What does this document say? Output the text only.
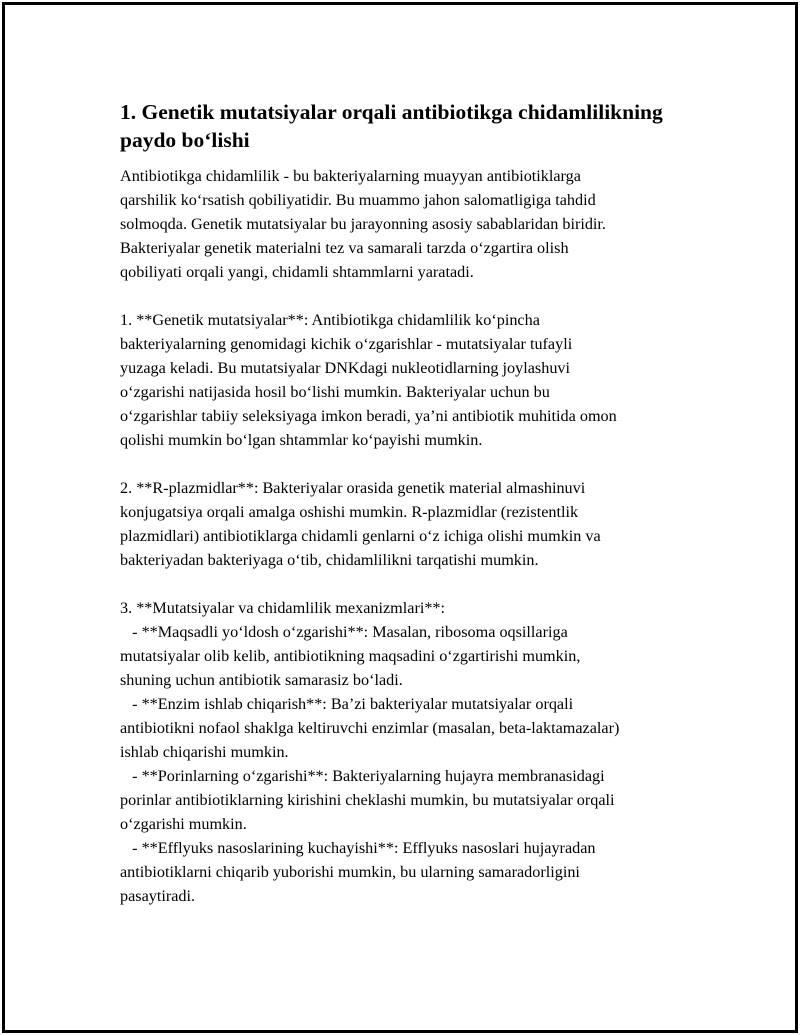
1. Genetik mutatsiyalar orqali antibiotikga chidamlilikning
paydo bo‘lishi
Antibiotikga chidamlilik - bu bakteriyalarning muayyan antibiotiklarga
qarshilik ko‘rsatish qobiliyatidir. Bu muammo jahon salomatligiga tahdid
solmoqda. Genetik mutatsiyalar bu jarayonning asosiy sabablaridan biridir.
Bakteriyalar genetik materialni tez va samarali tarzda o‘zgartira olish
qobiliyati orqali yangi, chidamli shtammlarni yaratadi.
1. **Genetik mutatsiyalar**: Antibiotikga chidamlilik ko‘pincha
bakteriyalarning genomidagi kichik o‘zgarishlar - mutatsiyalar tufayli
yuzaga keladi. Bu mutatsiyalar DNKdagi nukleotidlarning joylashuvi
o‘zgarishi natijasida hosil bo‘lishi mumkin. Bakteriyalar uchun bu
o‘zgarishlar tabiiy seleksiyaga imkon beradi, ya’ni antibiotik muhitida omon
qolishi mumkin bo‘lgan shtammlar ko‘payishi mumkin.
2. **R-plazmidlar**: Bakteriyalar orasida genetik material almashinuvi
konjugatsiya orqali amalga oshishi mumkin. R-plazmidlar (rezistentlik
plazmidlari) antibiotiklarga chidamli genlarni o‘z ichiga olishi mumkin va
bakteriyadan bakteriyaga o‘tib, chidamlilikni tarqatishi mumkin.
3. **Mutatsiyalar va chidamlilik mexanizmlari**:
- **Maqsadli yo‘ldosh o‘zgarishi**: Masalan, ribosoma oqsillariga
mutatsiyalar olib kelib, antibiotikning maqsadini o‘zgartirishi mumkin,
shuning uchun antibiotik samarasiz bo‘ladi.
- **Enzim ishlab chiqarish**: Ba’zi bakteriyalar mutatsiyalar orqali
antibiotikni nofaol shaklga keltiruvchi enzimlar (masalan, beta-laktamazalar)
ishlab chiqarishi mumkin.
- **Porinlarning o‘zgarishi**: Bakteriyalarning hujayra membranasidagi
porinlar antibiotiklarning kirishini cheklashi mumkin, bu mutatsiyalar orqali
o‘zgarishi mumkin.
- **Efflyuks nasoslarining kuchayishi**: Efflyuks nasoslari hujayradan
antibiotiklarni chiqarib yuborishi mumkin, bu ularning samaradorligini
pasaytiradi.
